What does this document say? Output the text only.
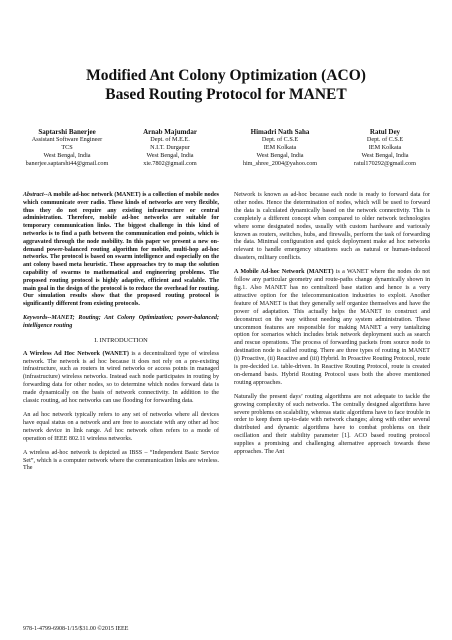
Modified Ant Colony Optimization (ACO)
Based Routing Protocol for MANET
Saptarshi Banerjee
Assistant Software Engineer
TCS
West Bengal, India
banerjee.saptarshi44@gmail.com
Arnab Majumdar
Dept. of M.E.E.
N.I.T. Durgapur
West Bengal, India
xie.7802@gmail.com
Himadri Nath Saha
Dept. of C.S.E
IEM Kolkata
West Bengal, India
him_shree_2004@yahoo.com
Ratul Dey
Dept. of C.S.E
IEM Kolkata
West Bengal, India
ratul170292@gmail.com

Abstract--A mobile ad-hoc network (MANET) is a collection of mobile nodes which communicate over radio. These kinds of networks are very flexible, thus they do not require any existing infrastructure or central administration. Therefore, mobile ad-hoc networks are suitable for temporary communication links. The biggest challenge in this kind of networks is to find a path between the communication end points, which is aggravated through the node mobility. In this paper we present a new on-demand power-balanced routing algorithm for mobile, multi-hop ad-hoc networks. The protocol is based on swarm intelligence and especially on the ant colony based meta heuristic. These approaches try to map the solution capability of swarms to mathematical and engineering problems. The proposed routing protocol is highly adaptive, efficient and scalable. The main goal in the design of the protocol is to reduce the overhead for routing. Our simulation results show that the proposed routing protocol is significantly different from existing protocols.

Keywords--MANET; Routing; Ant Colony Optimization; power-balanced; intelligence routing

I. INTRODUCTION

A Wireless Ad Hoc Network (WANET) is a decentralized type of wireless network. The network is ad hoc because it does not rely on a pre-existing infrastructure, such as routers in wired networks or access points in managed (infrastructure) wireless networks. Instead each node participates in routing by forwarding data for other nodes, so to determine which nodes forward data is made dynamically on the basis of network connectivity. In addition to the classic routing, ad hoc networks can use flooding for forwarding data.

An ad hoc network typically refers to any set of networks where all devices have equal status on a network and are free to associate with any other ad hoc network device in link range. Ad hoc network often refers to a mode of operation of IEEE 802.11 wireless networks.

A wireless ad-hoc network is depicted as IBSS – “Independent Basic Service Set”, which is a computer network where the communication links are wireless. The

Network is known as ad-hoc because each node is ready to forward data for other nodes. Hence the determination of nodes, which will be used to forward the data is calculated dynamically based on the network connectivity. This is completely a different concept when compared to older network technologies where some designated nodes, usually with custom hardware and variously known as routers, switches, hubs, and firewalls, perform the task of forwarding the data. Minimal configuration and quick deployment make ad hoc networks relevant to handle emergency situations such as natural or human-induced disasters, military conflicts.

A Mobile Ad-hoc Network (MANET) is a WANET where the nodes do not follow any particular geometry and route-paths change dynamically shown in fig.1. Also MANET has no centralized base station and hence is a very attractive option for the telecommunication industries to exploit. Another feature of MANET is that they generally self organize themselves and have the power of adaptation. This actually helps the MANET to construct and deconstruct on the way without needing any system administration. These uncommon features are responsible for making MANET a very tantalizing option for scenarios which includes brisk network deployment such as search and rescue operations. The process of forwarding packets from source node to destination node is called routing. There are three types of routing in MANET (i) Proactive, (ii) Reactive and (iii) Hybrid. In Proactive Routing Protocol, route is pre-decided i.e. table-driven. In Reactive Routing Protocol, route is created on-demand basis. Hybrid Routing Protocol uses both the above mentioned routing approaches.

Naturally the present days’ routing algorithms are not adequate to tackle the growing complexity of such networks. The centrally designed algorithms have severe problems on scalability, whereas static algorithms have to face trouble in order to keep them up-to-date with network changes; along with other several distributed and dynamic algorithms have to combat problems on their oscillation and their stability parameter [1]. ACO based routing protocol supplies a promising and challenging alternative approach towards these approaches. The Ant

978-1-4799-6908-1/15/$31.00 ©2015 IEEE
